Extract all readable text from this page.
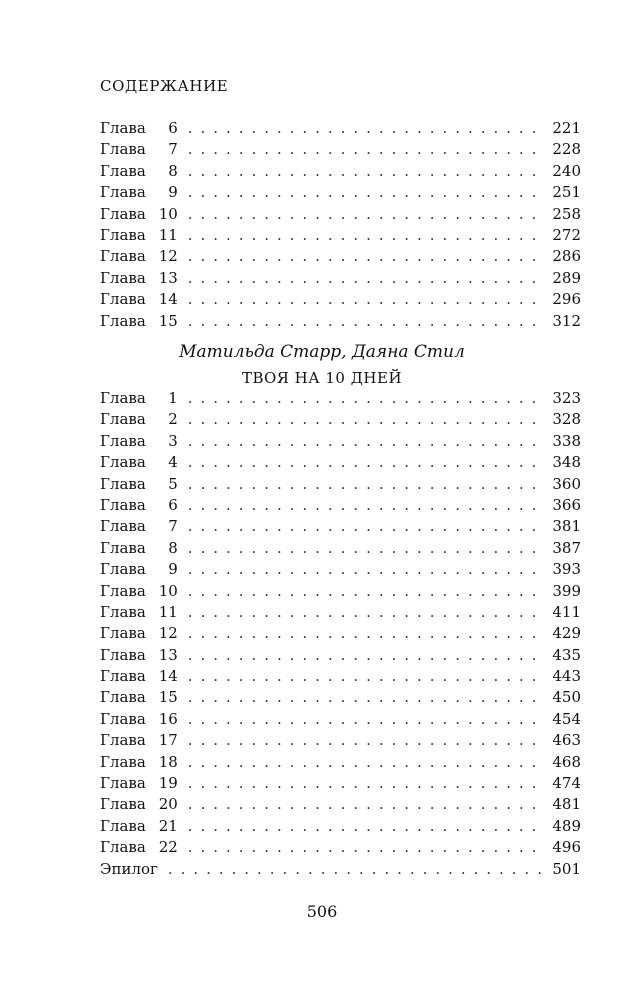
СОДЕРЖАНИЕ
Глава	6 . . .	221
Глава	7 . . .	228
Глава	8 . . .	240
Глава	9 . . .	251
Глава 10 . . .	258
Глава 11 . . .	272
Глава 12 . . .	286
Глава 13 . . .	289
Глава 14 . . .	296
Глава 15 . . .	312
Матильда Старр, Даяна Стил
ТВОЯ НА 10 ДНЕЙ
Глава	1 . . .	323
Глава	2 . . .	328
Глава	3 . . .	338
Глава	4 . . .	348
Глава	5 . . .	360
Глава	6 . . .	366
Глава	7 . . .	381
Глава	8 . . .	387
Глава	9 . . .	393
Глава 10 . . .	399
Глава 11 . . .	411
Глава 12 . . .	429
Глава 13 . . .	435
Глава 14 . . .	443
Глава 15 . . .	450
Глава 16 . . .	454
Глава 17 . . .	463
Глава 18 . . .	468
Глава 19 . . .	474
Глава 20 . . .	481
Глава 21 . . .	489
Глава 22 . . .	496
Эпилог . . .	501
506
